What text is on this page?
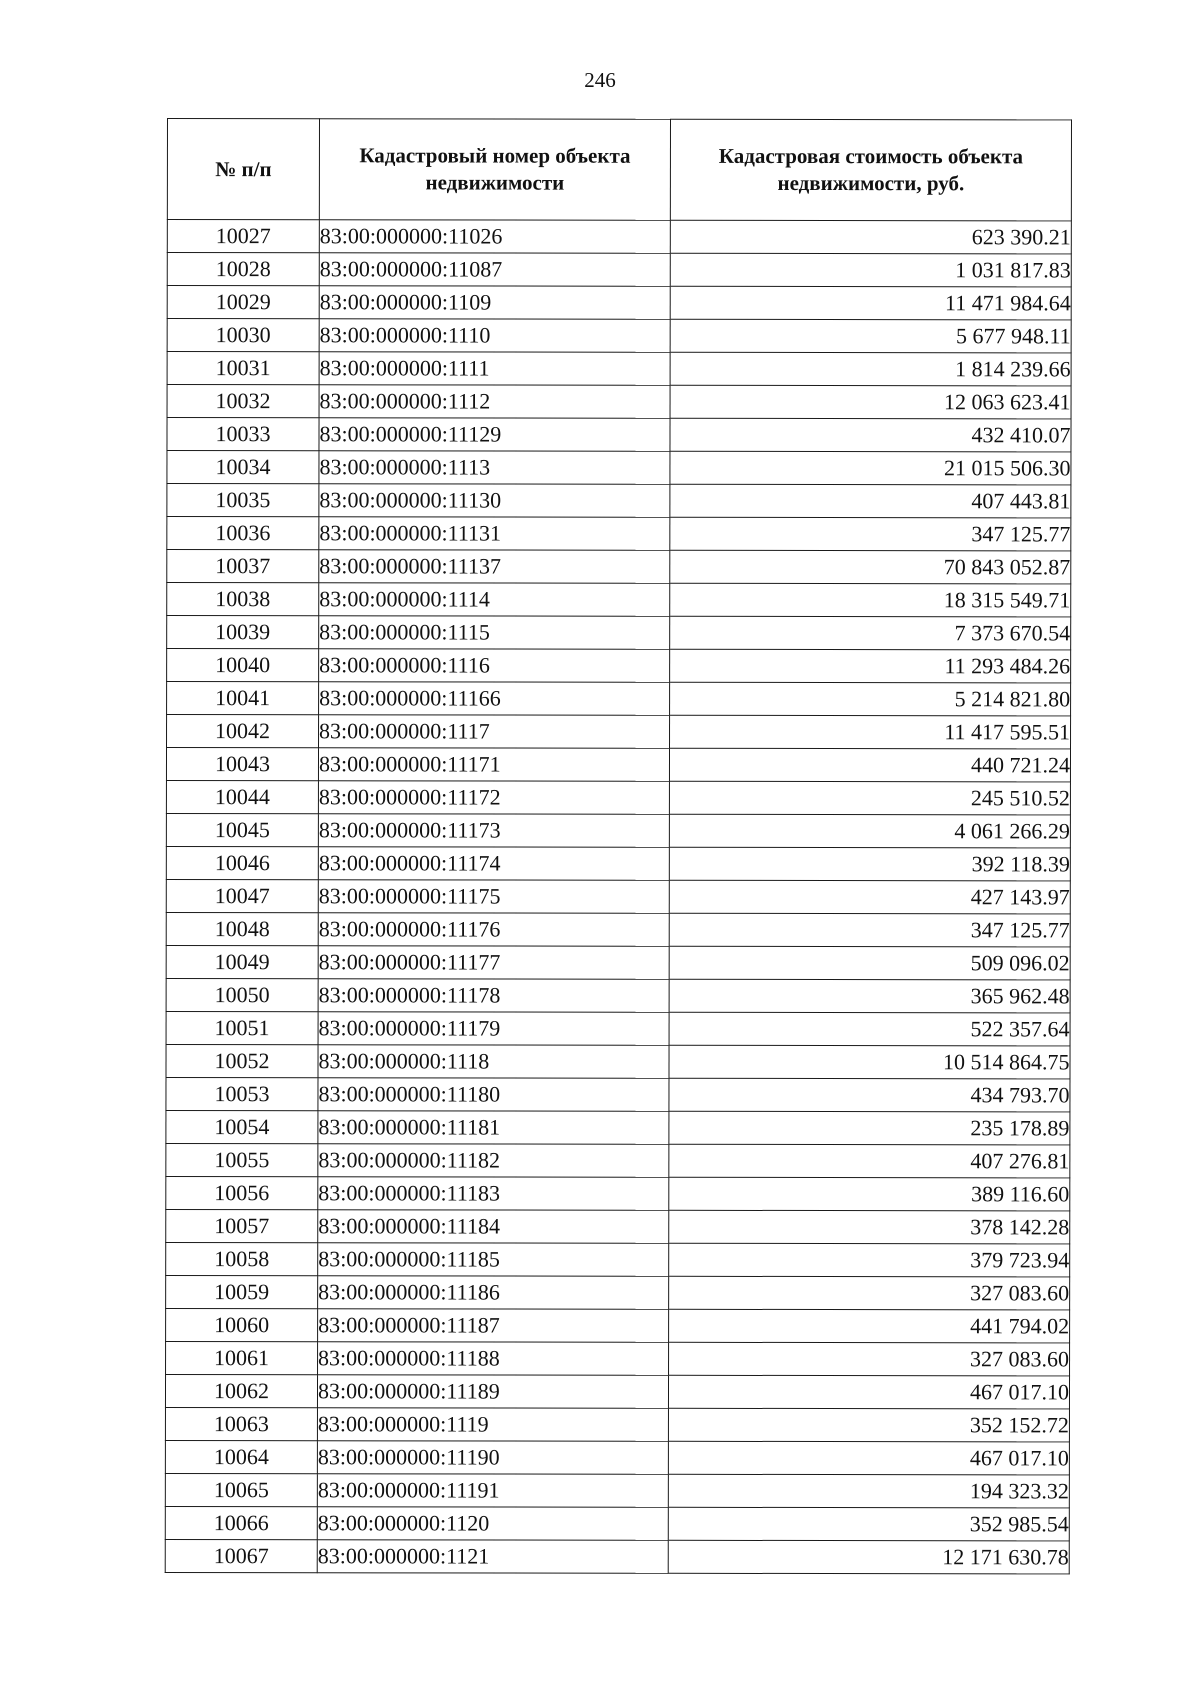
246
№ п/п	Кадастровый номер объекта недвижимости	Кадастровая стоимость объекта недвижимости, руб.
10027	83:00:000000:11026	623 390.21
10028	83:00:000000:11087	1 031 817.83
10029	83:00:000000:1109	11 471 984.64
10030	83:00:000000:1110	5 677 948.11
10031	83:00:000000:1111	1 814 239.66
10032	83:00:000000:1112	12 063 623.41
10033	83:00:000000:11129	432 410.07
10034	83:00:000000:1113	21 015 506.30
10035	83:00:000000:11130	407 443.81
10036	83:00:000000:11131	347 125.77
10037	83:00:000000:11137	70 843 052.87
10038	83:00:000000:1114	18 315 549.71
10039	83:00:000000:1115	7 373 670.54
10040	83:00:000000:1116	11 293 484.26
10041	83:00:000000:11166	5 214 821.80
10042	83:00:000000:1117	11 417 595.51
10043	83:00:000000:11171	440 721.24
10044	83:00:000000:11172	245 510.52
10045	83:00:000000:11173	4 061 266.29
10046	83:00:000000:11174	392 118.39
10047	83:00:000000:11175	427 143.97
10048	83:00:000000:11176	347 125.77
10049	83:00:000000:11177	509 096.02
10050	83:00:000000:11178	365 962.48
10051	83:00:000000:11179	522 357.64
10052	83:00:000000:1118	10 514 864.75
10053	83:00:000000:11180	434 793.70
10054	83:00:000000:11181	235 178.89
10055	83:00:000000:11182	407 276.81
10056	83:00:000000:11183	389 116.60
10057	83:00:000000:11184	378 142.28
10058	83:00:000000:11185	379 723.94
10059	83:00:000000:11186	327 083.60
10060	83:00:000000:11187	441 794.02
10061	83:00:000000:11188	327 083.60
10062	83:00:000000:11189	467 017.10
10063	83:00:000000:1119	352 152.72
10064	83:00:000000:11190	467 017.10
10065	83:00:000000:11191	194 323.32
10066	83:00:000000:1120	352 985.54
10067	83:00:000000:1121	12 171 630.78
